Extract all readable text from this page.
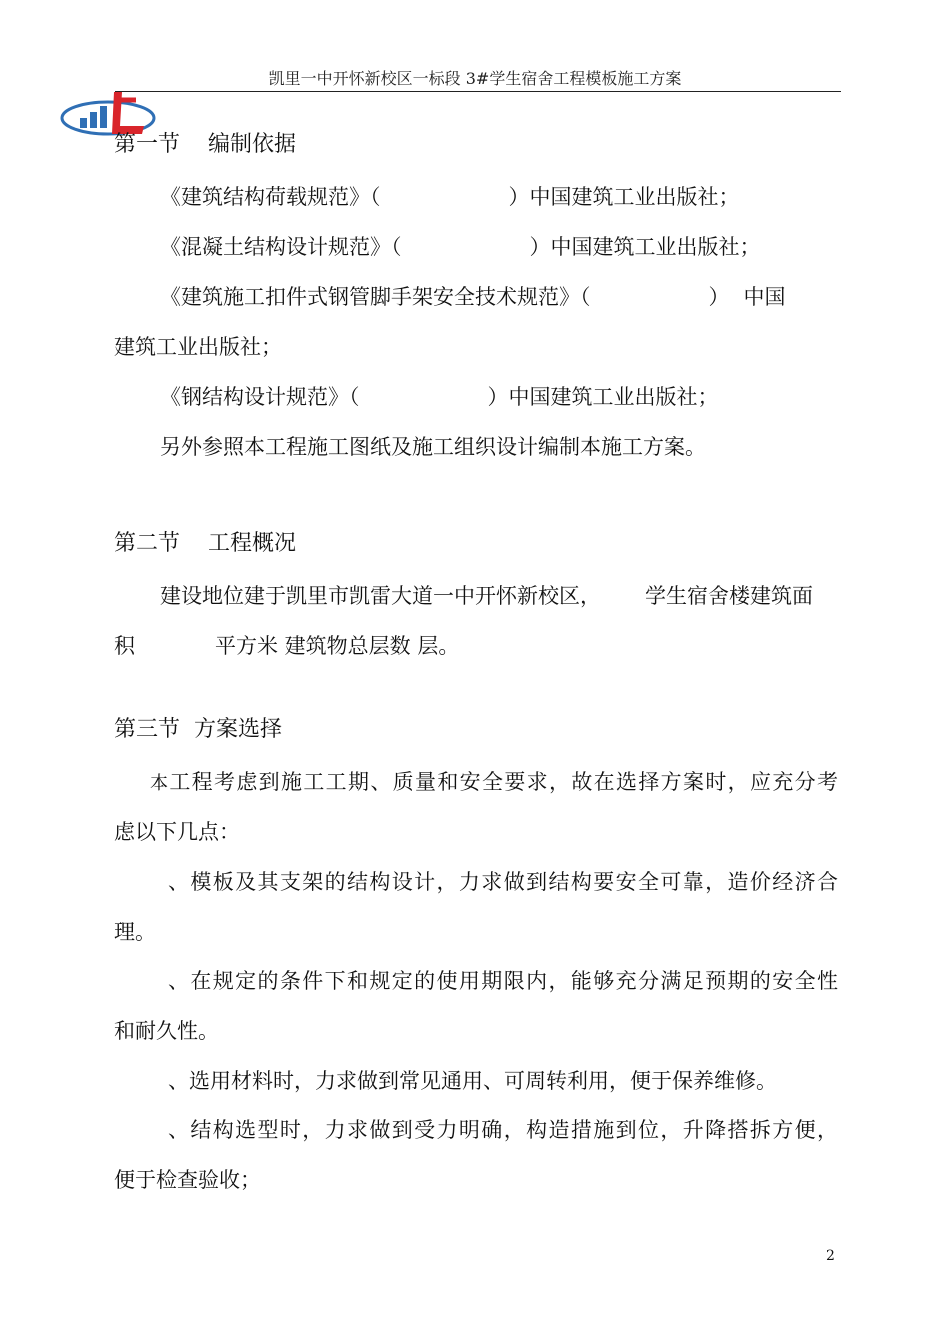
凯里一中开怀新校区一标段 3#学生宿舍工程模板施工方案
第一节 编制依据
《建筑结构荷载规范》（	）中国建筑工业出版社；
《混凝土结构设计规范》（	）中国建筑工业出版社；
《建筑施工扣件式钢管脚手架安全技术规范》（	） 中国
建筑工业出版社；
《钢结构设计规范》（	）中国建筑工业出版社；
另外参照本工程施工图纸及施工组织设计编制本施工方案。
第二节 工程概况
建设地位建于凯里市凯雷大道一中开怀新校区， 学生宿舍楼建筑面
积	平方米 建筑物总层数 层。
第三节 方案选择
本工程考虑到施工工期、质量和安全要求，故在选择方案时，应充分考
虑以下几点：
、模板及其支架的结构设计，力求做到结构要安全可靠，造价经济合
理。
、在规定的条件下和规定的使用期限内，能够充分满足预期的安全性
和耐久性。
、选用材料时，力求做到常见通用、可周转利用，便于保养维修。
、结构选型时，力求做到受力明确，构造措施到位，升降搭拆方便，
便于检查验收；
2
